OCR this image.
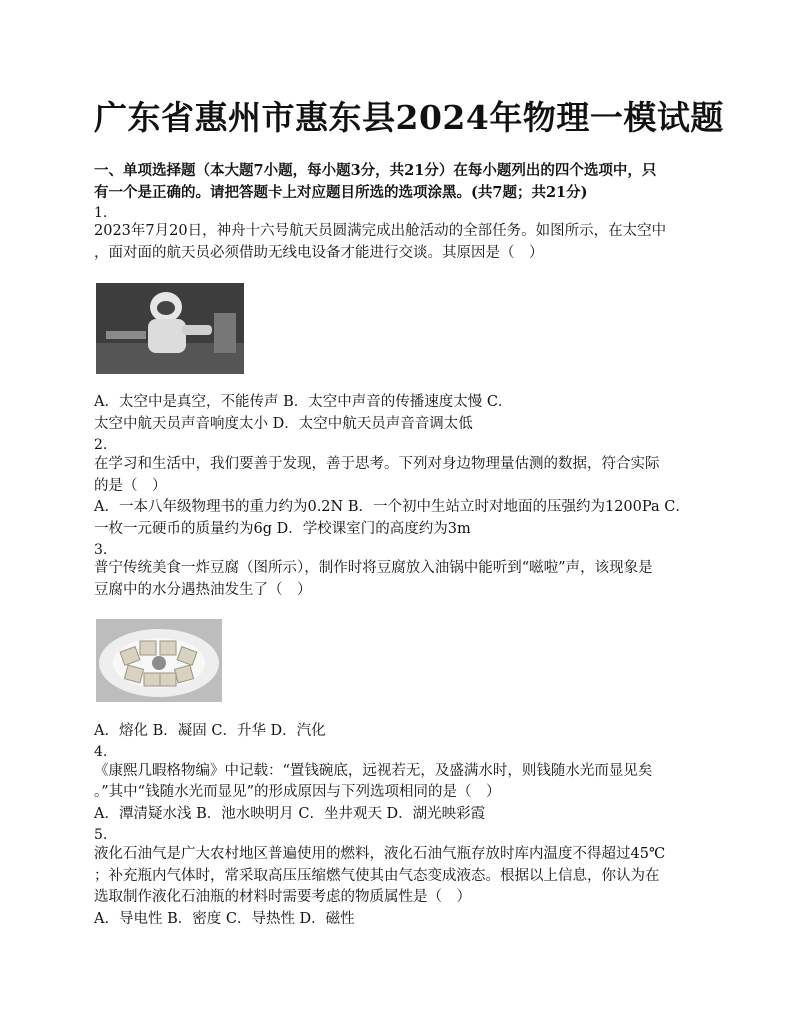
广东省惠州市惠东县2024年物理一模试题
一、单项选择题（本大题7小题，每小题3分，共21分）在每小题列出的四个选项中，只
有一个是正确的。请把答题卡上对应题目所选的选项涂黑。(共7题；共21分)
1.
2023年7月20日，神舟十六号航天员圆满完成出舱活动的全部任务。如图所示，在太空中
，面对面的航天员必须借助无线电设备才能进行交谈。其原因是（　）
A．太空中是真空，不能传声 B．太空中声音的传播速度太慢 C．
太空中航天员声音响度太小 D．太空中航天员声音音调太低
2.
在学习和生活中，我们要善于发现，善于思考。下列对身边物理量估测的数据，符合实际
的是（　）
A．一本八年级物理书的重力约为0.2N B．一个初中生站立时对地面的压强约为1200Pa C．
一枚一元硬币的质量约为6g D．学校课室门的高度约为3m
3.
普宁传统美食一炸豆腐（图所示），制作时将豆腐放入油锅中能听到“嗞啦”声，该现象是
豆腐中的水分遇热油发生了（　）
A．熔化 B．凝固 C．升华 D．汽化
4.
《康熙几暇格物编》中记载：“置钱碗底，远视若无，及盛满水时，则钱随水光而显见矣
。”其中“钱随水光而显见”的形成原因与下列选项相同的是（　）
A．潭清疑水浅 B．池水映明月 C．坐井观天 D．湖光映彩霞
5.
液化石油气是广大农村地区普遍使用的燃料，液化石油气瓶存放时库内温度不得超过45℃
；补充瓶内气体时，常采取高压压缩燃气使其由气态变成液态。根据以上信息，你认为在
选取制作液化石油瓶的材料时需要考虑的物质属性是（　）
A．导电性 B．密度 C．导热性 D．磁性
